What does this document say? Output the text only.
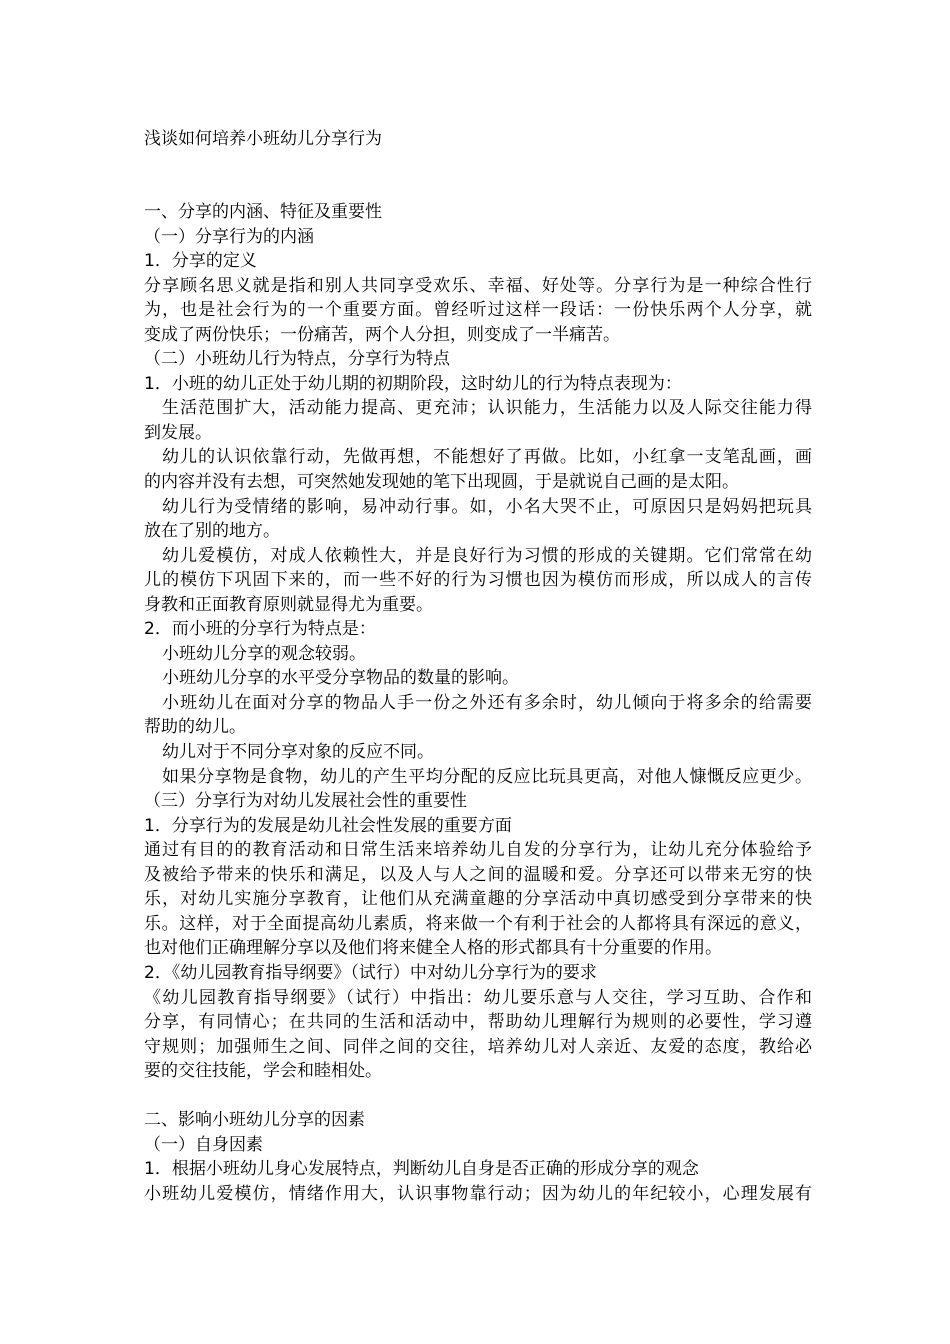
浅谈如何培养小班幼儿分享行为
一、分享的内涵、特征及重要性
（一）分享行为的内涵
1．分享的定义
分享顾名思义就是指和别人共同享受欢乐、幸福、好处等。分享行为是一种综合性行
为，也是社会行为的一个重要方面。曾经听过这样一段话：一份快乐两个人分享，就
变成了两份快乐；一份痛苦，两个人分担，则变成了一半痛苦。
（二）小班幼儿行为特点，分享行为特点
1．小班的幼儿正处于幼儿期的初期阶段，这时幼儿的行为特点表现为：
生活范围扩大，活动能力提高、更充沛；认识能力，生活能力以及人际交往能力得
到发展。
幼儿的认识依靠行动，先做再想，不能想好了再做。比如，小红拿一支笔乱画，画
的内容并没有去想，可突然她发现她的笔下出现圆，于是就说自己画的是太阳。
幼儿行为受情绪的影响，易冲动行事。如，小名大哭不止，可原因只是妈妈把玩具
放在了别的地方。
幼儿爱模仿，对成人依赖性大，并是良好行为习惯的形成的关键期。它们常常在幼
儿的模仿下巩固下来的，而一些不好的行为习惯也因为模仿而形成，所以成人的言传
身教和正面教育原则就显得尤为重要。
2．而小班的分享行为特点是：
小班幼儿分享的观念较弱。
小班幼儿分享的水平受分享物品的数量的影响。
小班幼儿在面对分享的物品人手一份之外还有多余时，幼儿倾向于将多余的给需要
帮助的幼儿。
幼儿对于不同分享对象的反应不同。
如果分享物是食物，幼儿的产生平均分配的反应比玩具更高，对他人慷慨反应更少。
（三）分享行为对幼儿发展社会性的重要性
1．分享行为的发展是幼儿社会性发展的重要方面
通过有目的的教育活动和日常生活来培养幼儿自发的分享行为，让幼儿充分体验给予
及被给予带来的快乐和满足，以及人与人之间的温暖和爱。分享还可以带来无穷的快
乐，对幼儿实施分享教育，让他们从充满童趣的分享活动中真切感受到分享带来的快
乐。这样，对于全面提高幼儿素质，将来做一个有利于社会的人都将具有深远的意义，
也对他们正确理解分享以及他们将来健全人格的形式都具有十分重要的作用。
2．《幼儿园教育指导纲要》（试行）中对幼儿分享行为的要求
《幼儿园教育指导纲要》（试行）中指出：幼儿要乐意与人交往，学习互助、合作和
分享，有同情心；在共同的生活和活动中，帮助幼儿理解行为规则的必要性，学习遵
守规则；加强师生之间、同伴之间的交往，培养幼儿对人亲近、友爱的态度，教给必
要的交往技能，学会和睦相处。
二、影响小班幼儿分享的因素
（一）自身因素
1．根据小班幼儿身心发展特点，判断幼儿自身是否正确的形成分享的观念
小班幼儿爱模仿，情绪作用大，认识事物靠行动；因为幼儿的年纪较小，心理发展有
